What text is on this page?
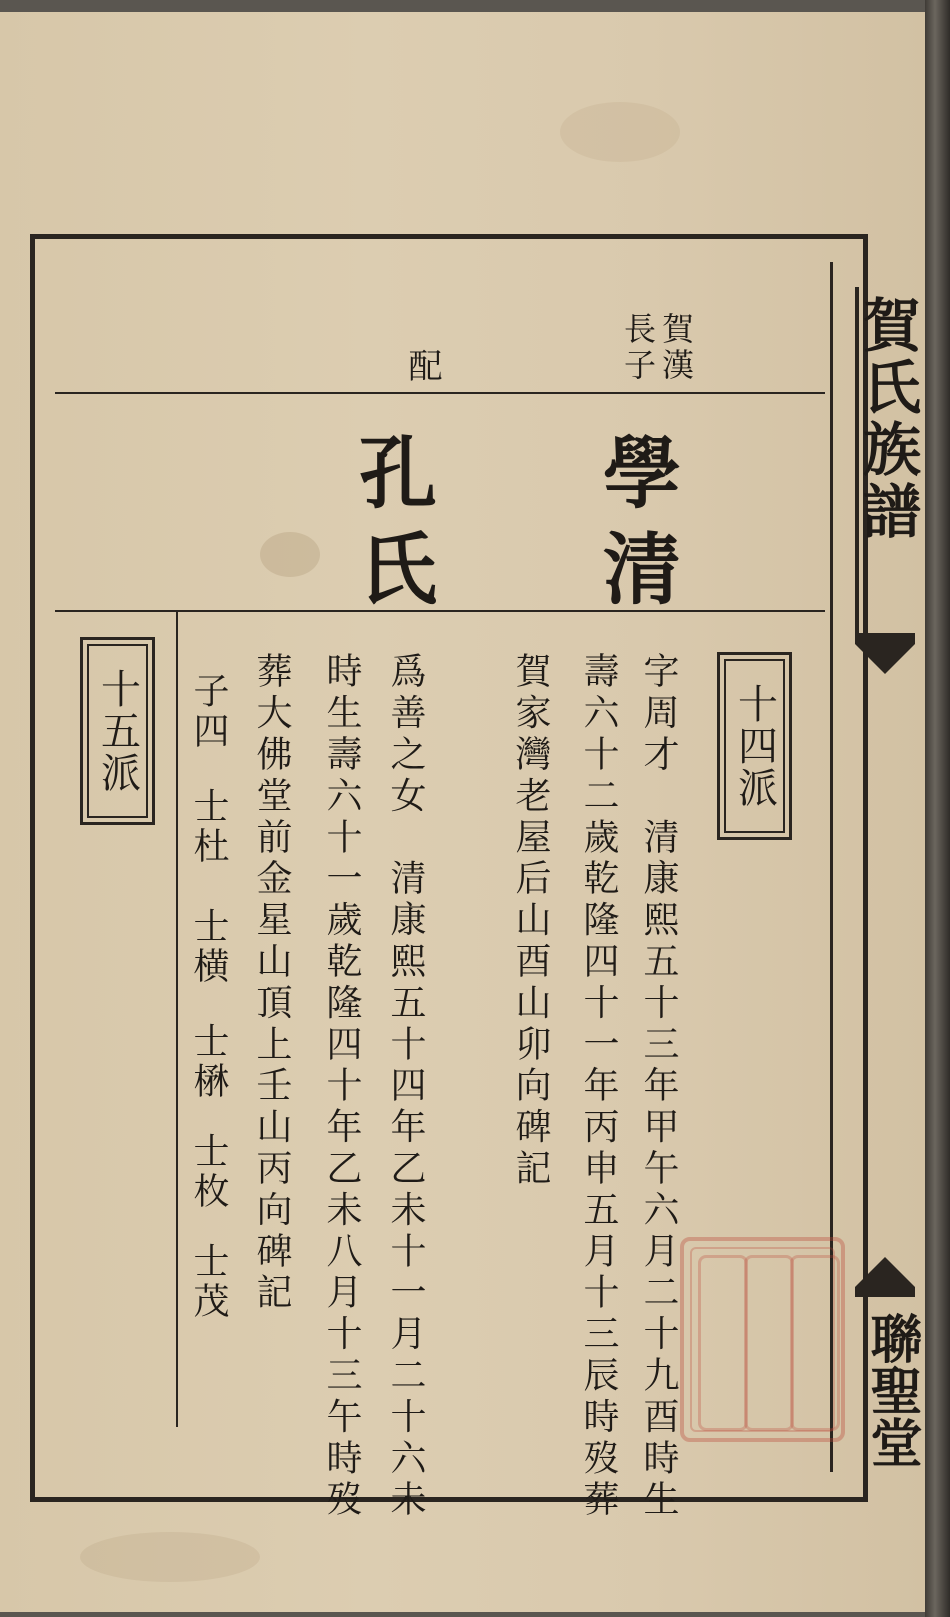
賀氏族譜
聯聖堂
賀漢
長子
配
學清
孔氏
十四派
十五派	字周才　清康熙五十三年甲午六月二十九酉時生
壽六十二歲乾隆四十一年丙申五月十三辰時歿葬
賀家灣老屋后山酉山卯向碑記
爲善之女　清康熙五十四年乙未十一月二十六未
時生壽六十一歲乾隆四十年乙未八月十三午時歿
葬大佛堂前金星山頂上壬山丙向碑記
子四
士杜
士横
士楙
士枚
士茂
